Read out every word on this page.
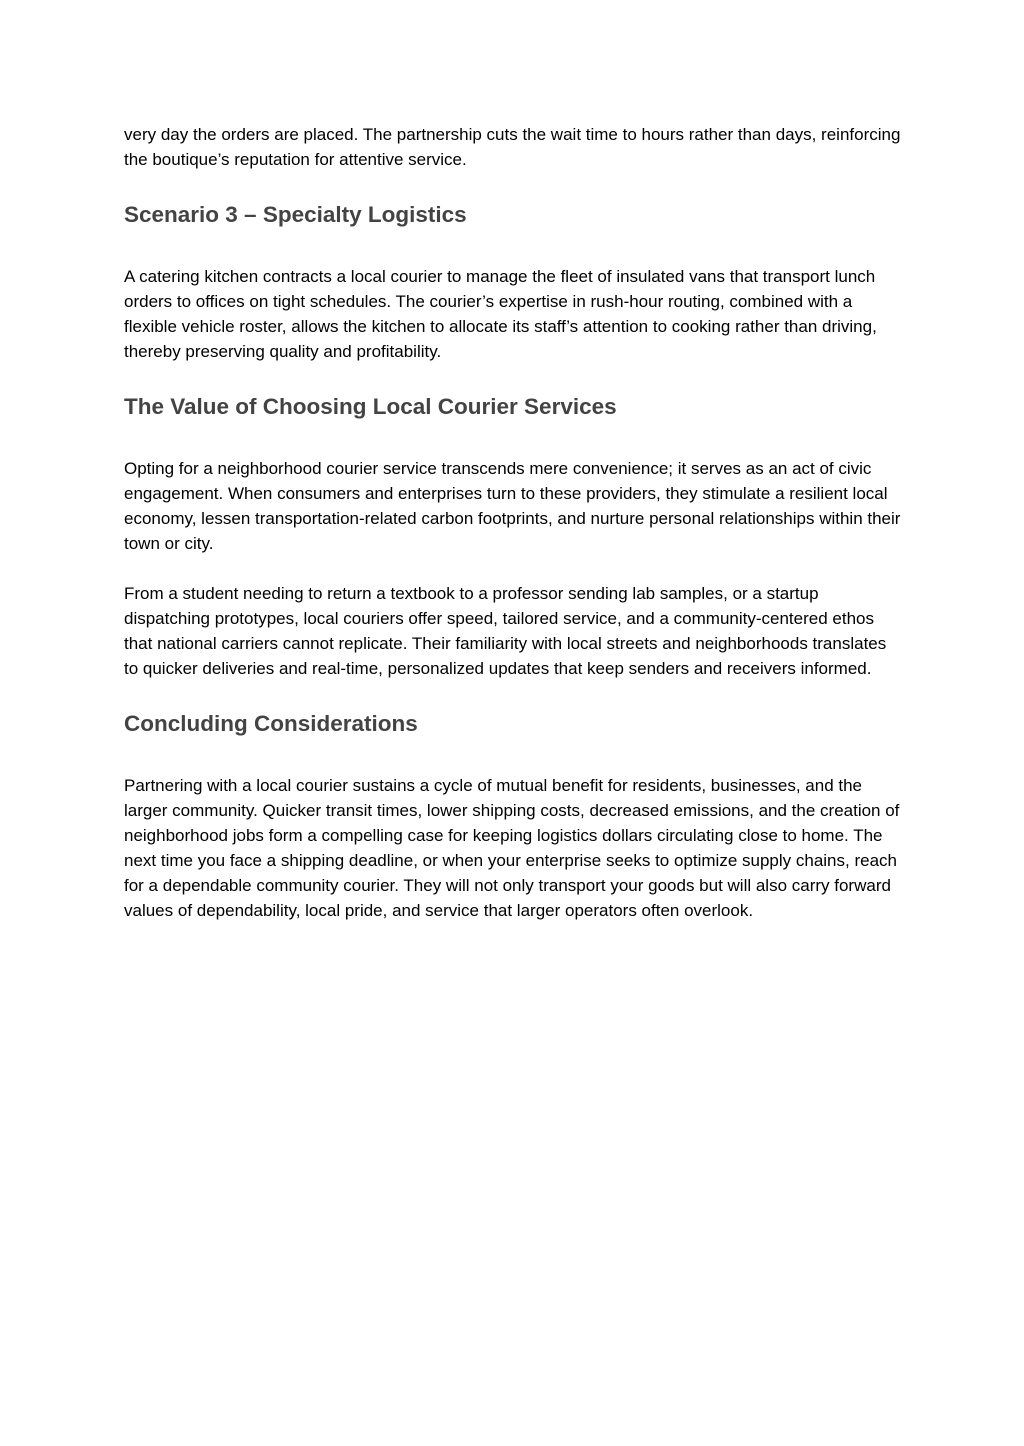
very day the orders are placed. The partnership cuts the wait time to hours rather than days, reinforcing the boutique’s reputation for attentive service.

Scenario 3 – Specialty Logistics

A catering kitchen contracts a local courier to manage the fleet of insulated vans that transport lunch orders to offices on tight schedules. The courier’s expertise in rush-hour routing, combined with a flexible vehicle roster, allows the kitchen to allocate its staff’s attention to cooking rather than driving, thereby preserving quality and profitability.

The Value of Choosing Local Courier Services

Opting for a neighborhood courier service transcends mere convenience; it serves as an act of civic engagement. When consumers and enterprises turn to these providers, they stimulate a resilient local economy, lessen transportation-related carbon footprints, and nurture personal relationships within their town or city.

From a student needing to return a textbook to a professor sending lab samples, or a startup dispatching prototypes, local couriers offer speed, tailored service, and a community-centered ethos that national carriers cannot replicate. Their familiarity with local streets and neighborhoods translates to quicker deliveries and real-time, personalized updates that keep senders and receivers informed.

Concluding Considerations

Partnering with a local courier sustains a cycle of mutual benefit for residents, businesses, and the larger community. Quicker transit times, lower shipping costs, decreased emissions, and the creation of neighborhood jobs form a compelling case for keeping logistics dollars circulating close to home. The next time you face a shipping deadline, or when your enterprise seeks to optimize supply chains, reach for a dependable community courier. They will not only transport your goods but will also carry forward values of dependability, local pride, and service that larger operators often overlook.
